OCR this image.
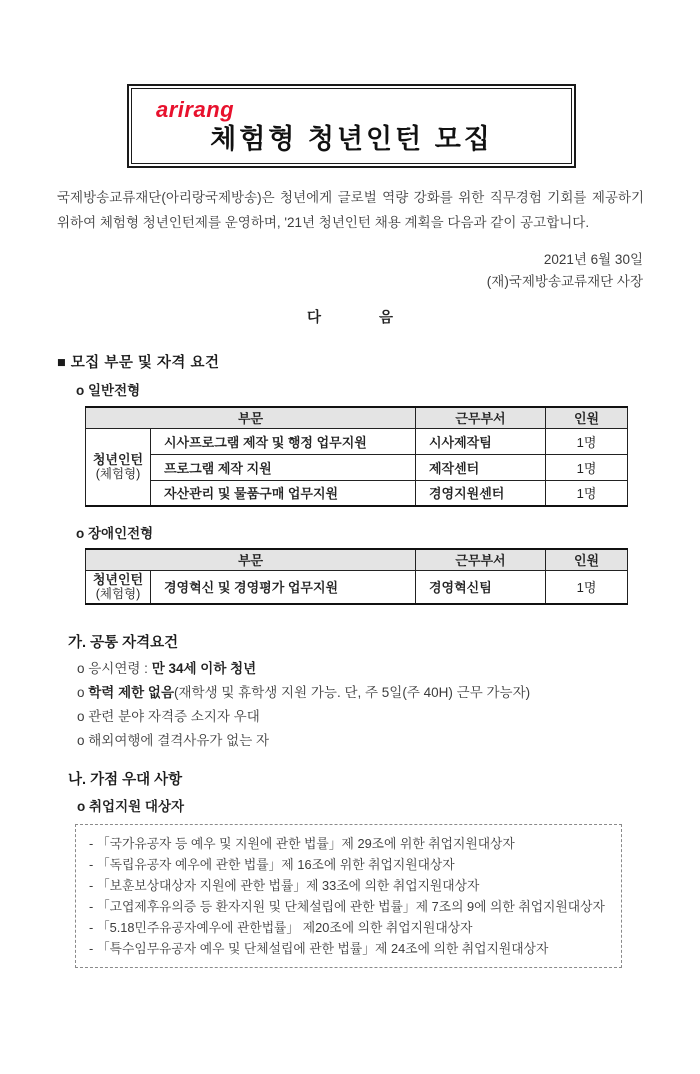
arirang
체험형 청년인턴 모집

국제방송교류재단(아리랑국제방송)은 청년에게 글로벌 역량 강화를 위한 직무경험 기회를 제공하기 위하여 체험형 청년인턴제를 운영하며, '21년 청년인턴 채용 계획을 다음과 같이 공고합니다.

2021년 6월 30일
(재)국제방송교류재단 사장
다	음
■ 모집 부문 및 자격 요건
o 일반전형
부문		근무부서	인원

청년인턴
(체험형)	시사프로그램 제작 및 행정 업무지원	시사제작팀	1명
	프로그램 제작 지원	제작센터	1명
	자산관리 및 물품구매 업무지원	경영지원센터	1명
o 장애인전형
부문		근무부서	인원

청년인턴
(체험형)	경영혁신 및 경영평가 업무지원	경영혁신팀	1명
가. 공통 자격요건
o 응시연령 : 만 34세 이하 청년
o 학력 제한 없음(재학생 및 휴학생 지원 가능. 단, 주 5일(주 40H) 근무 가능자)
o 관련 분야 자격증 소지자 우대
o 해외여행에 결격사유가 없는 자
나. 가점 우대 사항
o 취업지원 대상자
- 「국가유공자 등 예우 및 지원에 관한 법률」제 29조에 위한 취업지원대상자
- 「독립유공자 예우에 관한 법률」제 16조에 위한 취업지원대상자
- 「보훈보상대상자 지원에 관한 법률」제 33조에 의한 취업지원대상자
- 「고엽제후유의증 등 환자지원 및 단체설립에 관한 법률」제 7조의 9에 의한 취업지원대상자
- 「5.18민주유공자예우에 관한법률」 제20조에 의한 취업지원대상자
- 「특수임무유공자 예우 및 단체설립에 관한 법률」제 24조에 의한 취업지원대상자
